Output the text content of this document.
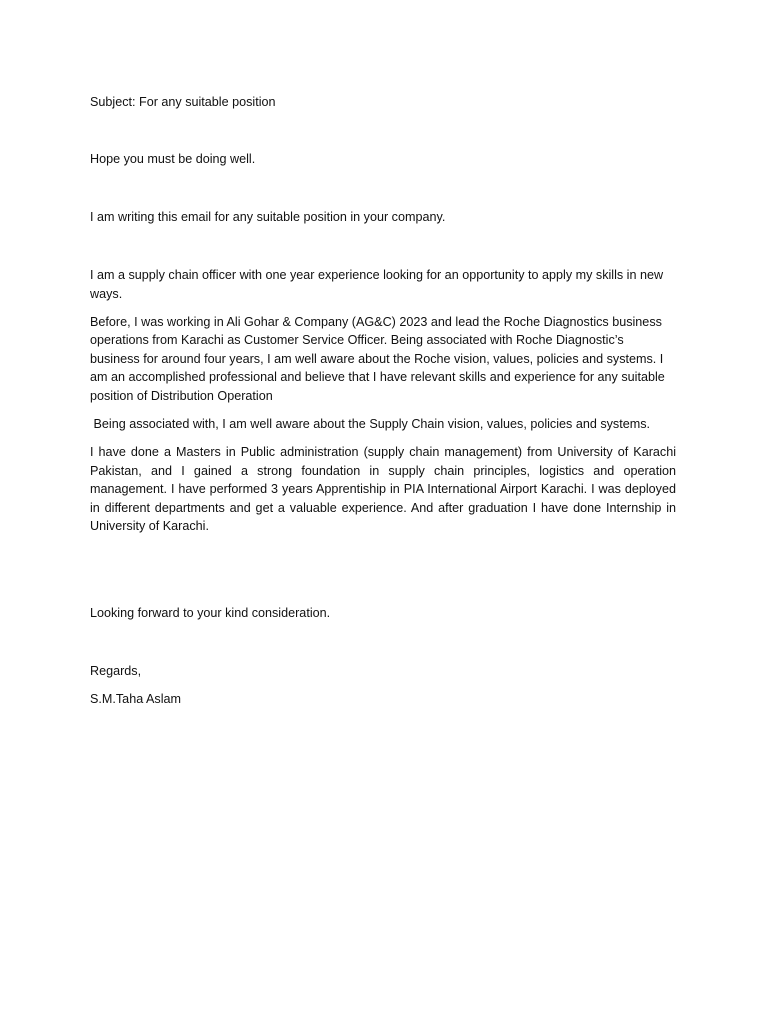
Subject: For any suitable position

Hope you must be doing well.

I am writing this email for any suitable position in your company.

I am a supply chain officer with one year experience looking for an opportunity to apply my skills in new ways.

Before, I was working in Ali Gohar & Company (AG&C) 2023 and lead the Roche Diagnostics business operations from Karachi as Customer Service Officer. Being associated with Roche Diagnostic’s business for around four years, I am well aware about the Roche vision, values, policies and systems. I am an accomplished professional and believe that I have relevant skills and experience for any suitable position of Distribution Operation

Being associated with, I am well aware about the Supply Chain vision, values, policies and systems.

I have done a Masters in Public administration (supply chain management) from University of Karachi Pakistan, and I gained a strong foundation in supply chain principles, logistics and operation management. I have performed 3 years Apprentiship in PIA International Airport Karachi. I was deployed in different departments and get a valuable experience. And after graduation I have done Internship in University of Karachi.

Looking forward to your kind consideration.

Regards,

S.M.Taha Aslam
